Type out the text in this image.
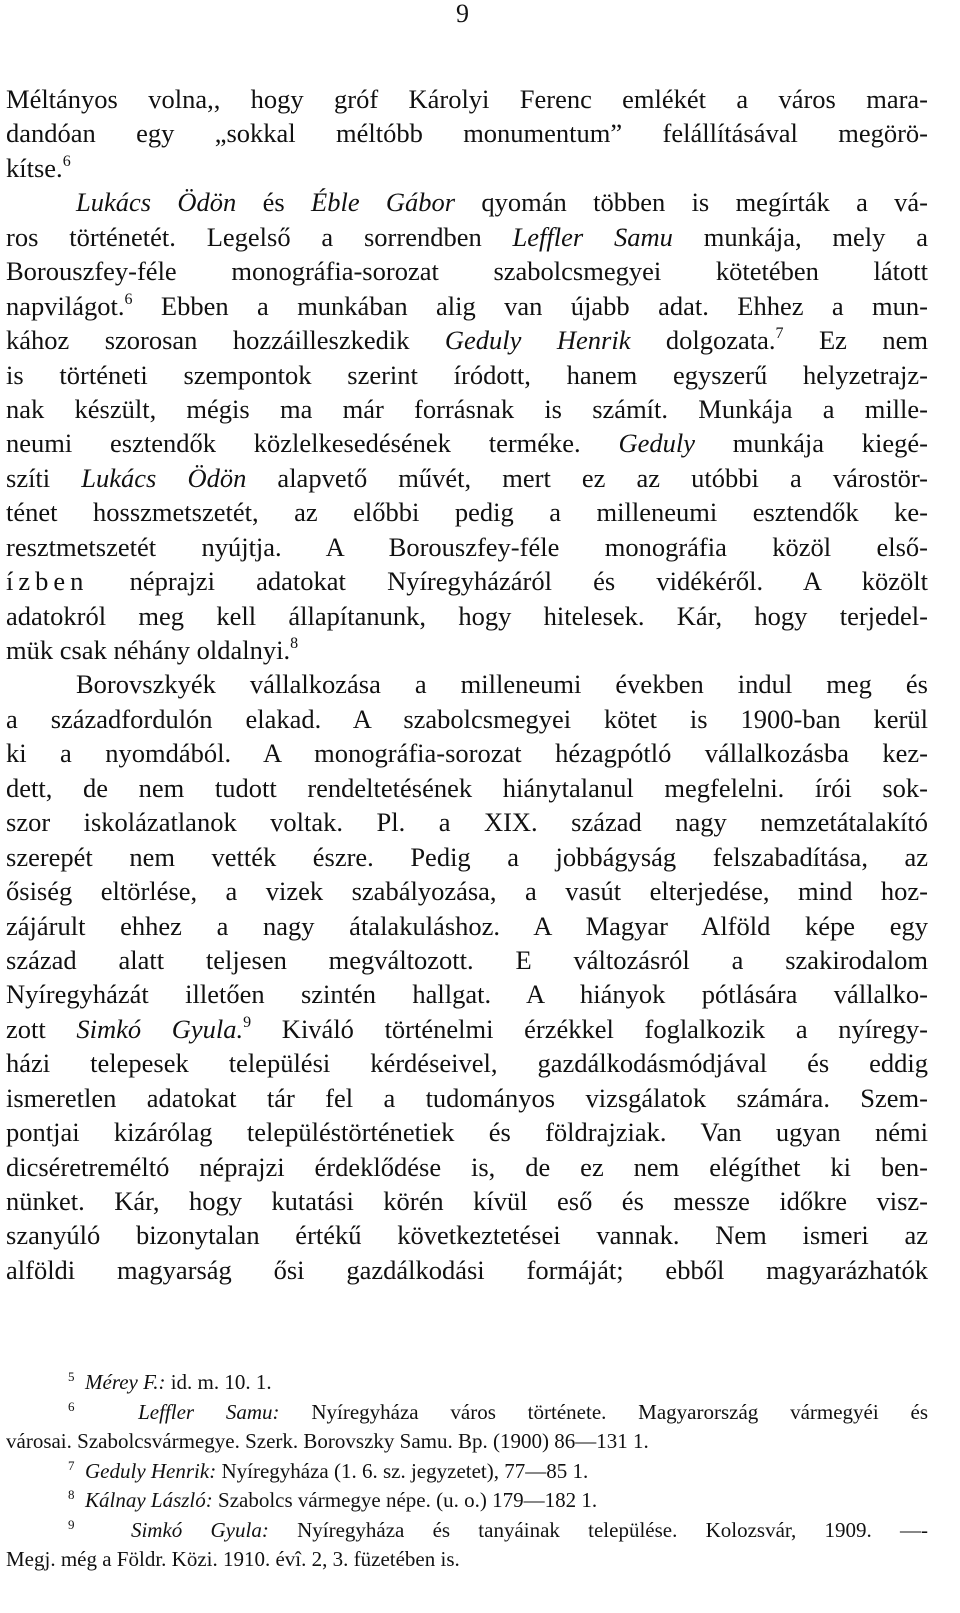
9
Méltányos volna,, hogy gróf Károlyi Ferenc emlékét a város mara-
dandóan egy „sokkal méltóbb monumentum” felállításával megörö-
kítse.$^6$
Lukács Ödön és Éble Gábor qyomán többen is megírták a vá-
ros történetét. Legelső a sorrendben Leffler Samu munkája, mely a
Borouszfey-féle monográfia-sorozat szabolcsmegyei kötetében látott
napvilágot.$^6$ Ebben a munkában alig van újabb adat. Ehhez a mun-
kához szorosan hozzáilleszkedik Geduly Henrik dolgozata.$^7$ Ez nem
is történeti szempontok szerint íródott, hanem egyszerű helyzetrajz-
nak készült, mégis ma már forrásnak is számít. Munkája a mille-
neumi esztendők közlelkesedésének terméke. Geduly munkája kiegé-
szíti Lukács Ödön alapvető művét, mert ez az utóbbi a várostör-
ténet hosszmetszetét, az előbbi pedig a milleneumi esztendők ke-
resztmetszetét nyújtja. A Borouszfey-féle monográfia közöl első-
ízben néprajzi adatokat Nyíregyházáról és vidékéről. A közölt
adatokról meg kell állapítanunk, hogy hitelesek. Kár, hogy terjedel-
mük csak néhány oldalnyi.$^8$
Borovszkyék vállalkozása a milleneumi években indul meg és
a századfordulón elakad. A szabolcsmegyei kötet is 1900-ban kerül
ki a nyomdából. A monográfia-sorozat hézagpótló vállalkozásba kez-
dett, de nem tudott rendeltetésének hiánytalanul megfelelni. írói sok-
szor iskolázatlanok voltak. Pl. a XIX. század nagy nemzetátalakító
szerepét nem vették észre. Pedig a jobbágyság felszabadítása, az
ősiség eltörlése, a vizek szabályozása, a vasút elterjedése, mind hoz-
zájárult ehhez a nagy átalakuláshoz. A Magyar Alföld képe egy
század alatt teljesen megváltozott. E változásról a szakirodalom
Nyíregyházát illetően szintén hallgat. A hiányok pótlására vállalko-
zott Simkó Gyula.$^9$ Kiváló történelmi érzékkel foglalkozik a nyíregy-
házi telepesek települési kérdéseivel, gazdálkodásmódjával és eddig
ismeretlen adatokat tár fel a tudományos vizsgálatok számára. Szem-
pontjai kizárólag településtörténetiek és földrajziak. Van ugyan némi
dicséretreméltó néprajzi érdeklődése is, de ez nem elégíthet ki ben-
nünket. Kár, hogy kutatási körén kívül eső és messze időkre visz-
szanyúló bizonytalan értékű következtetései vannak. Nem ismeri az
alföldi magyarság ősi gazdálkodási formáját; ebből magyarázhatók
$^5$ Mérey F.: id. m. 10. 1.
$^6$	Leffler Samu: Nyíregyháza város története. Magyarország vármegyéi és
városai. Szabolcsvármegye. Szerk. Borovszky Samu. Bp. (1900) 86—131 1.
$^7$ Geduly Henrik: Nyíregyháza (1. 6. sz. jegyzetet), 77—85 1.
$^8$ Kálnay László: Szabolcs vármegye népe. (u. o.) 179—182 1.
$^9$	Simkó Gyula: Nyíregyháza és tanyáinak települése. Kolozsvár, 1909. —-
Megj. még a Földr. Közi. 1910. évî. 2, 3. füzetében is.
